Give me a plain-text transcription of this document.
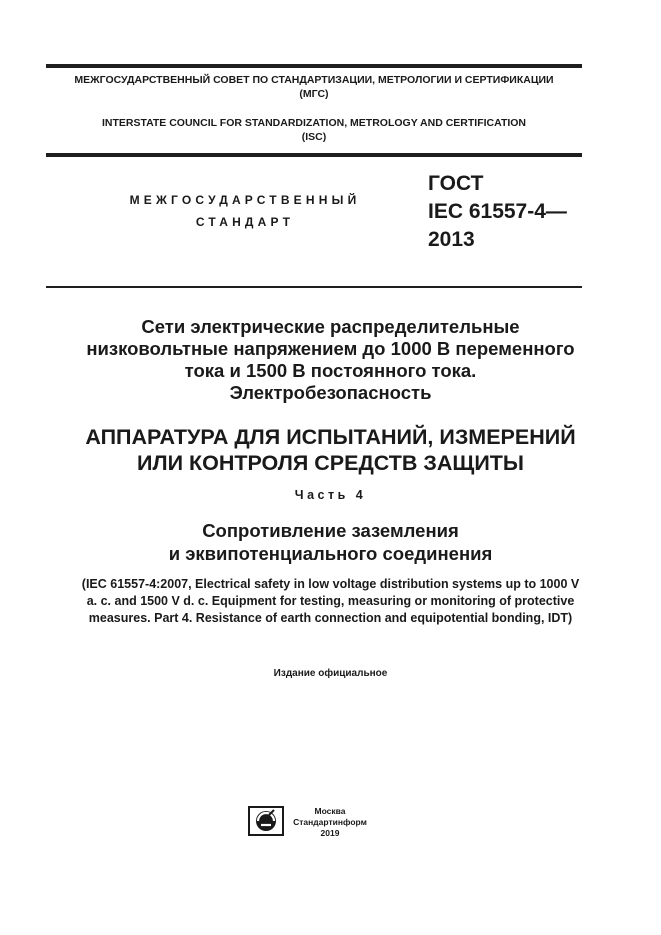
МЕЖГОСУДАРСТВЕННЫЙ СОВЕТ ПО СТАНДАРТИЗАЦИИ, МЕТРОЛОГИИ И СЕРТИФИКАЦИИ
(МГС)
INTERSTATE COUNCIL FOR STANDARDIZATION, METROLOGY AND CERTIFICATION
(ISC)
МЕЖГОСУДАРСТВЕННЫЙ
СТАНДАРТ
ГОСТ
IEC 61557-4—
2013
Сети электрические распределительные
низковольтные напряжением до 1000 В переменного
тока и 1500 В постоянного тока.
Электробезопасность
АППАРАТУРА ДЛЯ ИСПЫТАНИЙ, ИЗМЕРЕНИЙ
ИЛИ КОНТРОЛЯ СРЕДСТВ ЗАЩИТЫ
Часть 4
Сопротивление заземления
и эквипотенциального соединения
(IEC 61557-4:2007, Electrical safety in low voltage distribution systems up to 1000 V
a. c. and 1500 V d. c. Equipment for testing, measuring or monitoring of protective
measures. Part 4. Resistance of earth connection and equipotential bonding, IDT)
Издание официальное
Москва
Стандартинформ
2019
